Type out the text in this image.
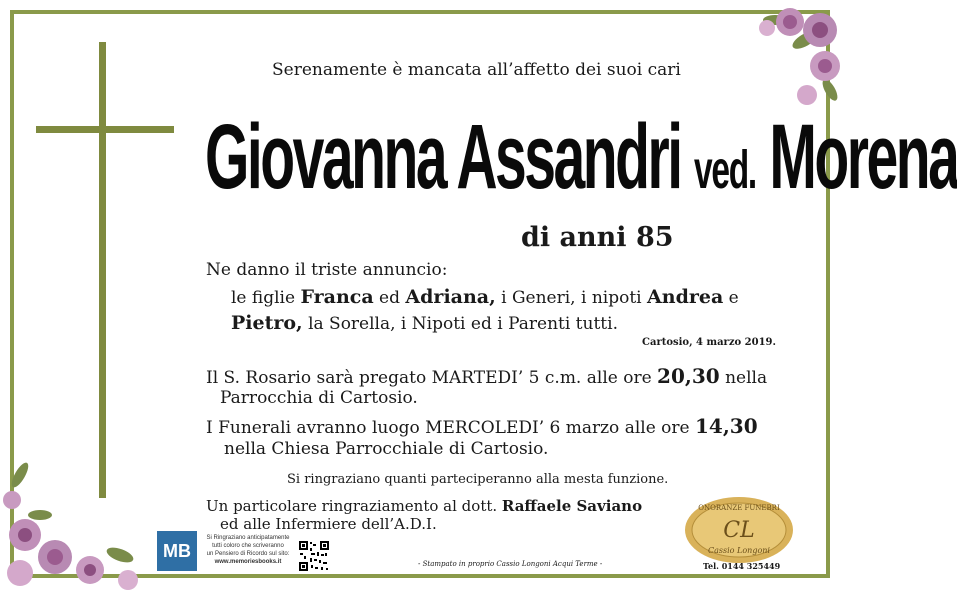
Serenamente è mancata all’affetto dei suoi cari
Giovanna Assandri ved. Morena
di anni 85
Ne danno il triste annuncio:
le figlie Franca ed Adriana, i Generi, i nipoti Andrea e
Pietro, la Sorella, i Nipoti ed i Parenti tutti.
Cartosio, 4 marzo 2019.
Il S. Rosario sarà pregato MARTEDI’ 5 c.m. alle ore 20,30 nella
Parrocchia di Cartosio.
I Funerali avranno luogo MERCOLEDI’ 6 marzo alle ore 14,30
nella Chiesa Parrocchiale di Cartosio.
Si ringraziano quanti parteciperanno alla mesta funzione.
Un particolare ringraziamento al dott. Raffaele Saviano
ed alle Infermiere dell’A.D.I.
MB
Si Ringraziano anticipatamente
tutti coloro che scriveranno
un Pensiero di Ricordo sul sito:
www.memoriesbooks.it	- Stampato in proprio Cassio Longoni Acqui Terme -
ONORANZE FUNEBRI
CL
Cassio Longoni
Tel. 0144 325449
